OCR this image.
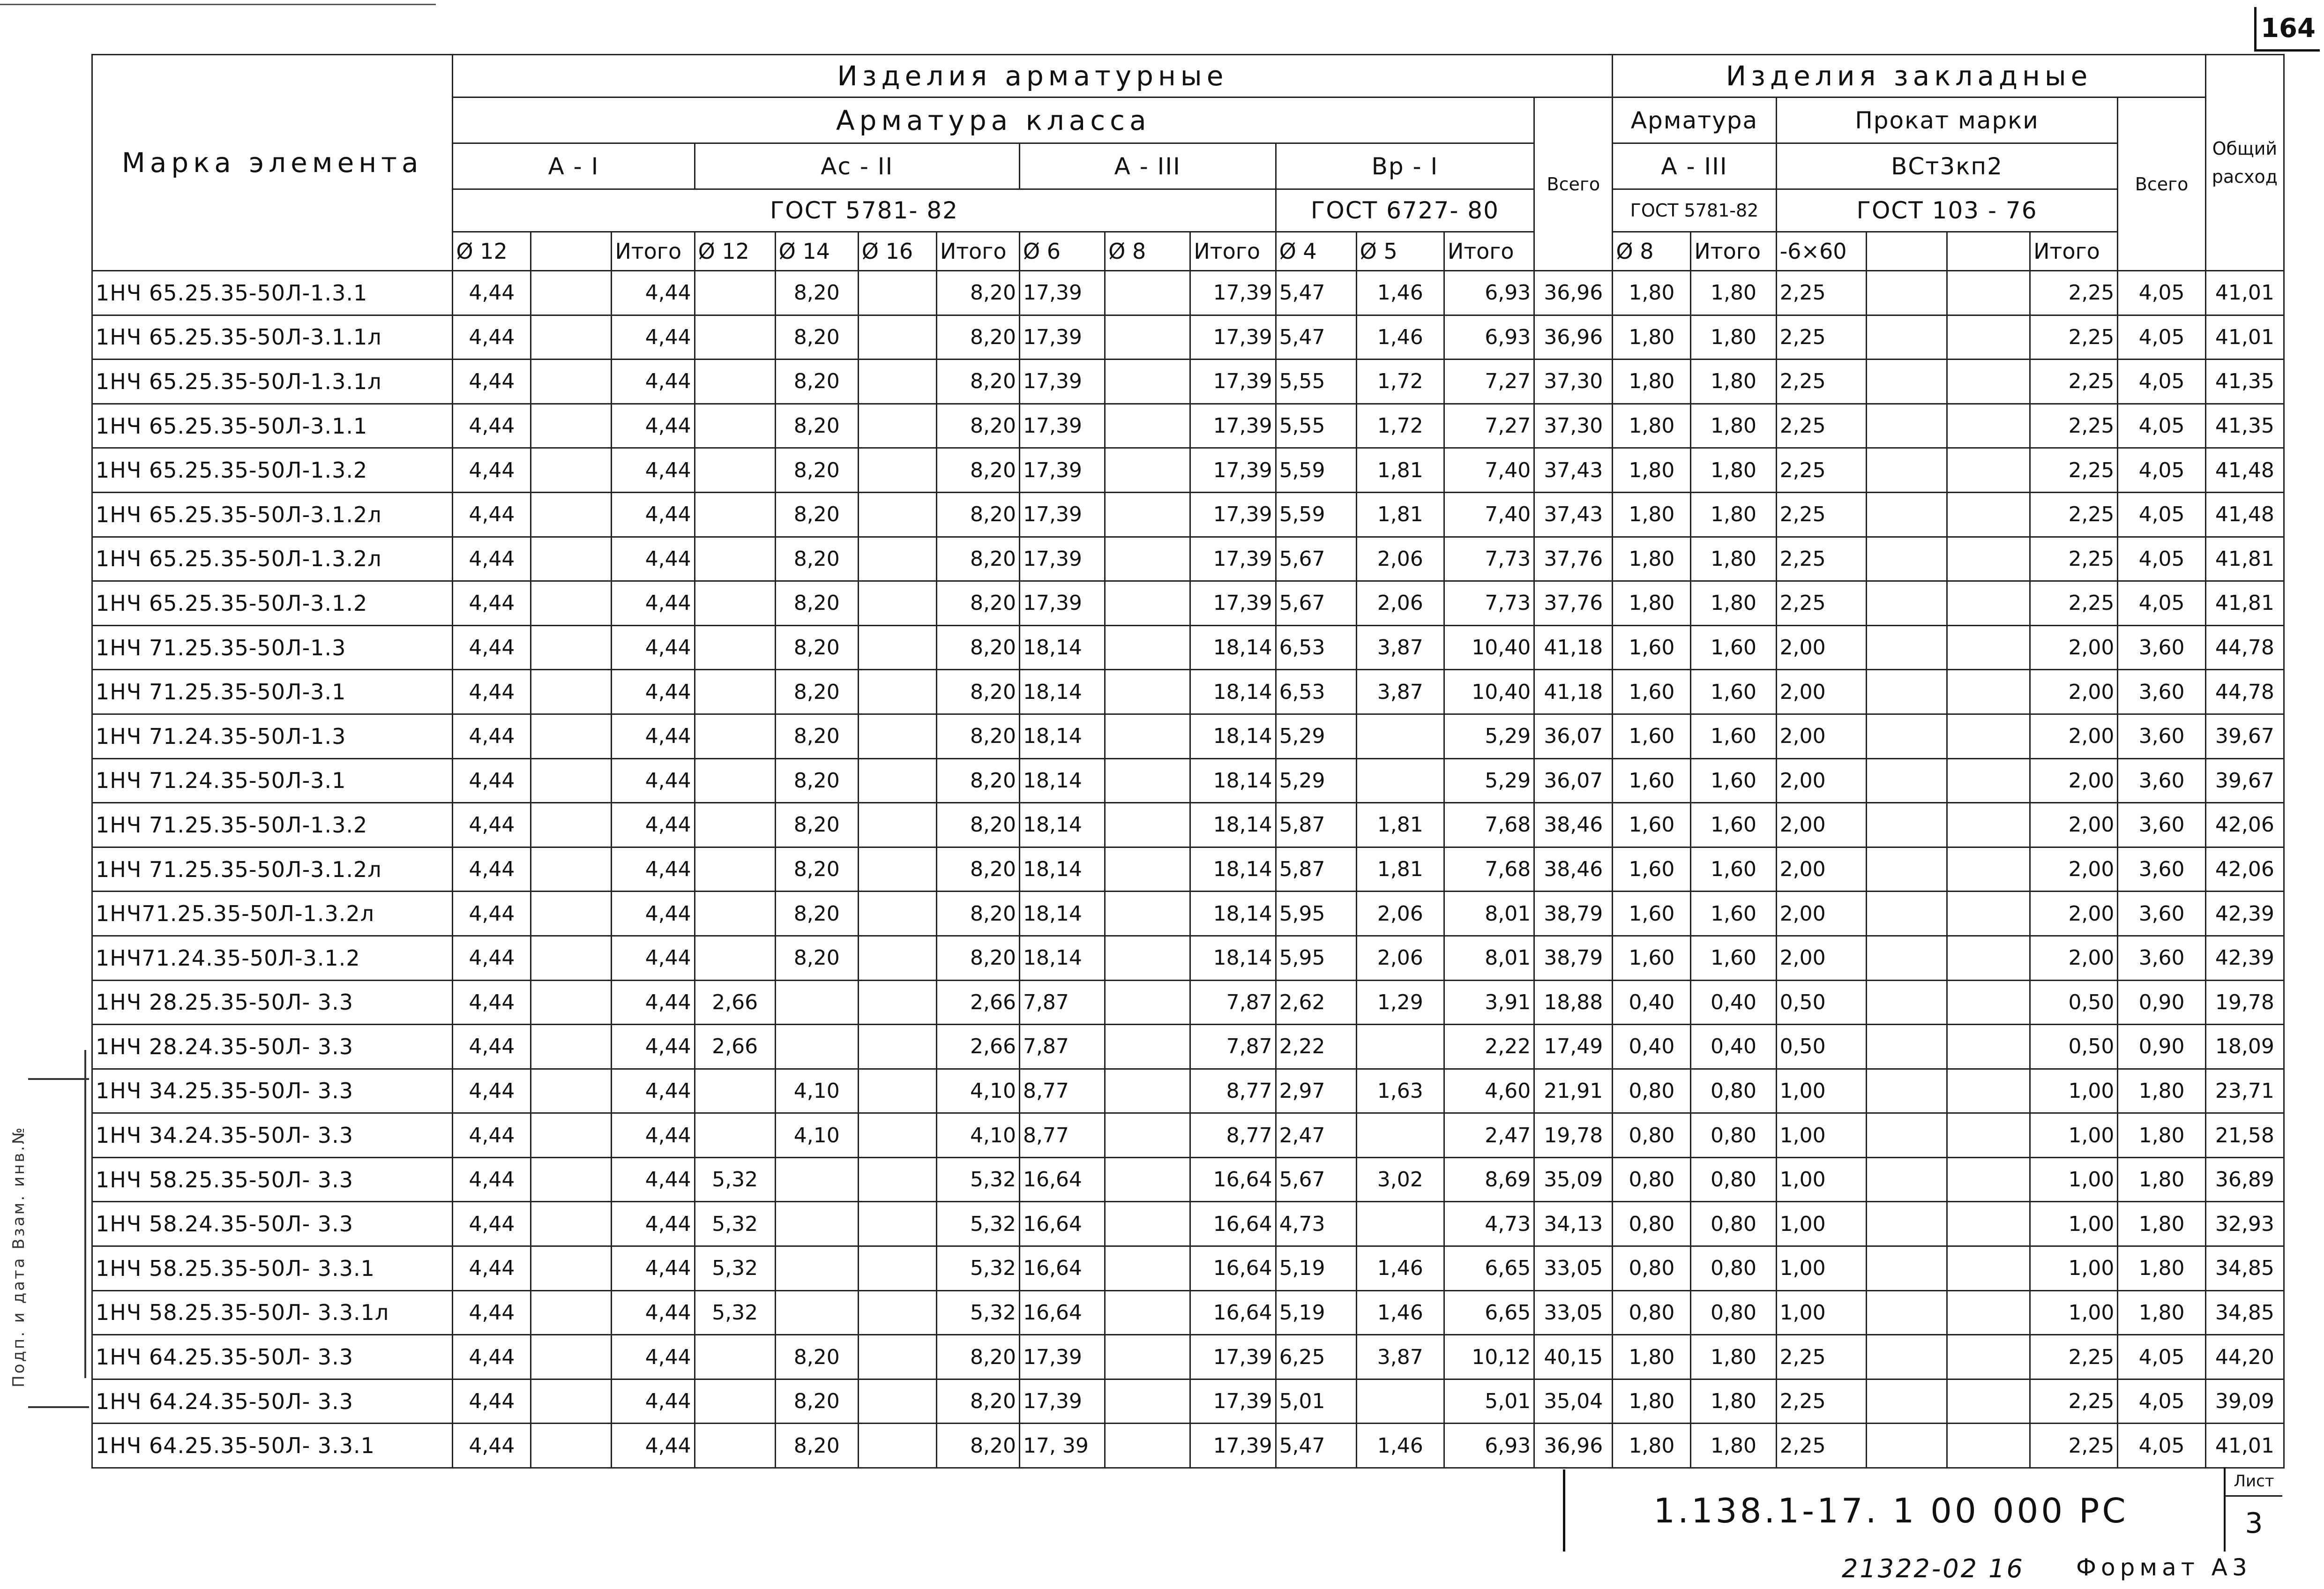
164
Марка элемента	Изделия арматурные														Изделия закладные							Общий расход

	Арматура класса													Всего	Арматура		Прокат марки				Всего	
	А - I			Ас - II				А - III			Вр - I				А - III		ВСт3кп2					
	ГОСТ 5781- 82										ГОСТ 6727- 80				ГОСТ 5781-82		ГОСТ 103 - 76					
	Ø 12		Итого	Ø 12	Ø 14	Ø 16	Итого	Ø 6	Ø 8	Итого	Ø 4	Ø 5	Итого		Ø 8	Итого	-6×60			Итого		
1НЧ 65.25.35-50Л-1.3.1	4,44		4,44		8,20		8,20	17,39		17,39	5,47	1,46	6,93	36,96	1,80	1,80	2,25			2,25	4,05	41,01
1НЧ 65.25.35-50Л-3.1.1л	4,44		4,44		8,20		8,20	17,39		17,39	5,47	1,46	6,93	36,96	1,80	1,80	2,25			2,25	4,05	41,01
1НЧ 65.25.35-50Л-1.3.1л	4,44		4,44		8,20		8,20	17,39		17,39	5,55	1,72	7,27	37,30	1,80	1,80	2,25			2,25	4,05	41,35
1НЧ 65.25.35-50Л-3.1.1	4,44		4,44		8,20		8,20	17,39		17,39	5,55	1,72	7,27	37,30	1,80	1,80	2,25			2,25	4,05	41,35
1НЧ 65.25.35-50Л-1.3.2	4,44		4,44		8,20		8,20	17,39		17,39	5,59	1,81	7,40	37,43	1,80	1,80	2,25			2,25	4,05	41,48
1НЧ 65.25.35-50Л-3.1.2л	4,44		4,44		8,20		8,20	17,39		17,39	5,59	1,81	7,40	37,43	1,80	1,80	2,25			2,25	4,05	41,48
1НЧ 65.25.35-50Л-1.3.2л	4,44		4,44		8,20		8,20	17,39		17,39	5,67	2,06	7,73	37,76	1,80	1,80	2,25			2,25	4,05	41,81
1НЧ 65.25.35-50Л-3.1.2	4,44		4,44		8,20		8,20	17,39		17,39	5,67	2,06	7,73	37,76	1,80	1,80	2,25			2,25	4,05	41,81
1НЧ 71.25.35-50Л-1.3	4,44		4,44		8,20		8,20	18,14		18,14	6,53	3,87	10,40	41,18	1,60	1,60	2,00			2,00	3,60	44,78
1НЧ 71.25.35-50Л-3.1	4,44		4,44		8,20		8,20	18,14		18,14	6,53	3,87	10,40	41,18	1,60	1,60	2,00			2,00	3,60	44,78
1НЧ 71.24.35-50Л-1.3	4,44		4,44		8,20		8,20	18,14		18,14	5,29		5,29	36,07	1,60	1,60	2,00			2,00	3,60	39,67
1НЧ 71.24.35-50Л-3.1	4,44		4,44		8,20		8,20	18,14		18,14	5,29		5,29	36,07	1,60	1,60	2,00			2,00	3,60	39,67
1НЧ 71.25.35-50Л-1.3.2	4,44		4,44		8,20		8,20	18,14		18,14	5,87	1,81	7,68	38,46	1,60	1,60	2,00			2,00	3,60	42,06
1НЧ 71.25.35-50Л-3.1.2л	4,44		4,44		8,20		8,20	18,14		18,14	5,87	1,81	7,68	38,46	1,60	1,60	2,00			2,00	3,60	42,06
1НЧ71.25.35-50Л-1.3.2л	4,44		4,44		8,20		8,20	18,14		18,14	5,95	2,06	8,01	38,79	1,60	1,60	2,00			2,00	3,60	42,39
1НЧ71.24.35-50Л-3.1.2	4,44		4,44		8,20		8,20	18,14		18,14	5,95	2,06	8,01	38,79	1,60	1,60	2,00			2,00	3,60	42,39
1НЧ 28.25.35-50Л- 3.3	4,44		4,44	2,66			2,66	7,87		7,87	2,62	1,29	3,91	18,88	0,40	0,40	0,50			0,50	0,90	19,78
1НЧ 28.24.35-50Л- 3.3	4,44		4,44	2,66			2,66	7,87		7,87	2,22		2,22	17,49	0,40	0,40	0,50			0,50	0,90	18,09
1НЧ 34.25.35-50Л- 3.3	4,44		4,44		4,10		4,10	8,77		8,77	2,97	1,63	4,60	21,91	0,80	0,80	1,00			1,00	1,80	23,71
1НЧ 34.24.35-50Л- 3.3	4,44		4,44		4,10		4,10	8,77		8,77	2,47		2,47	19,78	0,80	0,80	1,00			1,00	1,80	21,58
1НЧ 58.25.35-50Л- 3.3	4,44		4,44	5,32			5,32	16,64		16,64	5,67	3,02	8,69	35,09	0,80	0,80	1,00			1,00	1,80	36,89
1НЧ 58.24.35-50Л- 3.3	4,44		4,44	5,32			5,32	16,64		16,64	4,73		4,73	34,13	0,80	0,80	1,00			1,00	1,80	32,93
1НЧ 58.25.35-50Л- 3.3.1	4,44		4,44	5,32			5,32	16,64		16,64	5,19	1,46	6,65	33,05	0,80	0,80	1,00			1,00	1,80	34,85
1НЧ 58.25.35-50Л- 3.3.1л	4,44		4,44	5,32			5,32	16,64		16,64	5,19	1,46	6,65	33,05	0,80	0,80	1,00			1,00	1,80	34,85
1НЧ 64.25.35-50Л- 3.3	4,44		4,44		8,20		8,20	17,39		17,39	6,25	3,87	10,12	40,15	1,80	1,80	2,25			2,25	4,05	44,20
1НЧ 64.24.35-50Л- 3.3	4,44		4,44		8,20		8,20	17,39		17,39	5,01		5,01	35,04	1,80	1,80	2,25			2,25	4,05	39,09
1НЧ 64.25.35-50Л- 3.3.1	4,44		4,44		8,20		8,20	17, 39		17,39	5,47	1,46	6,93	36,96	1,80	1,80	2,25			2,25	4,05	41,01
1.138.1-17. 1 00 000 РС
Лист
3
21322-02 16 Формат А3
Подп. и дата Взам. инв.№
